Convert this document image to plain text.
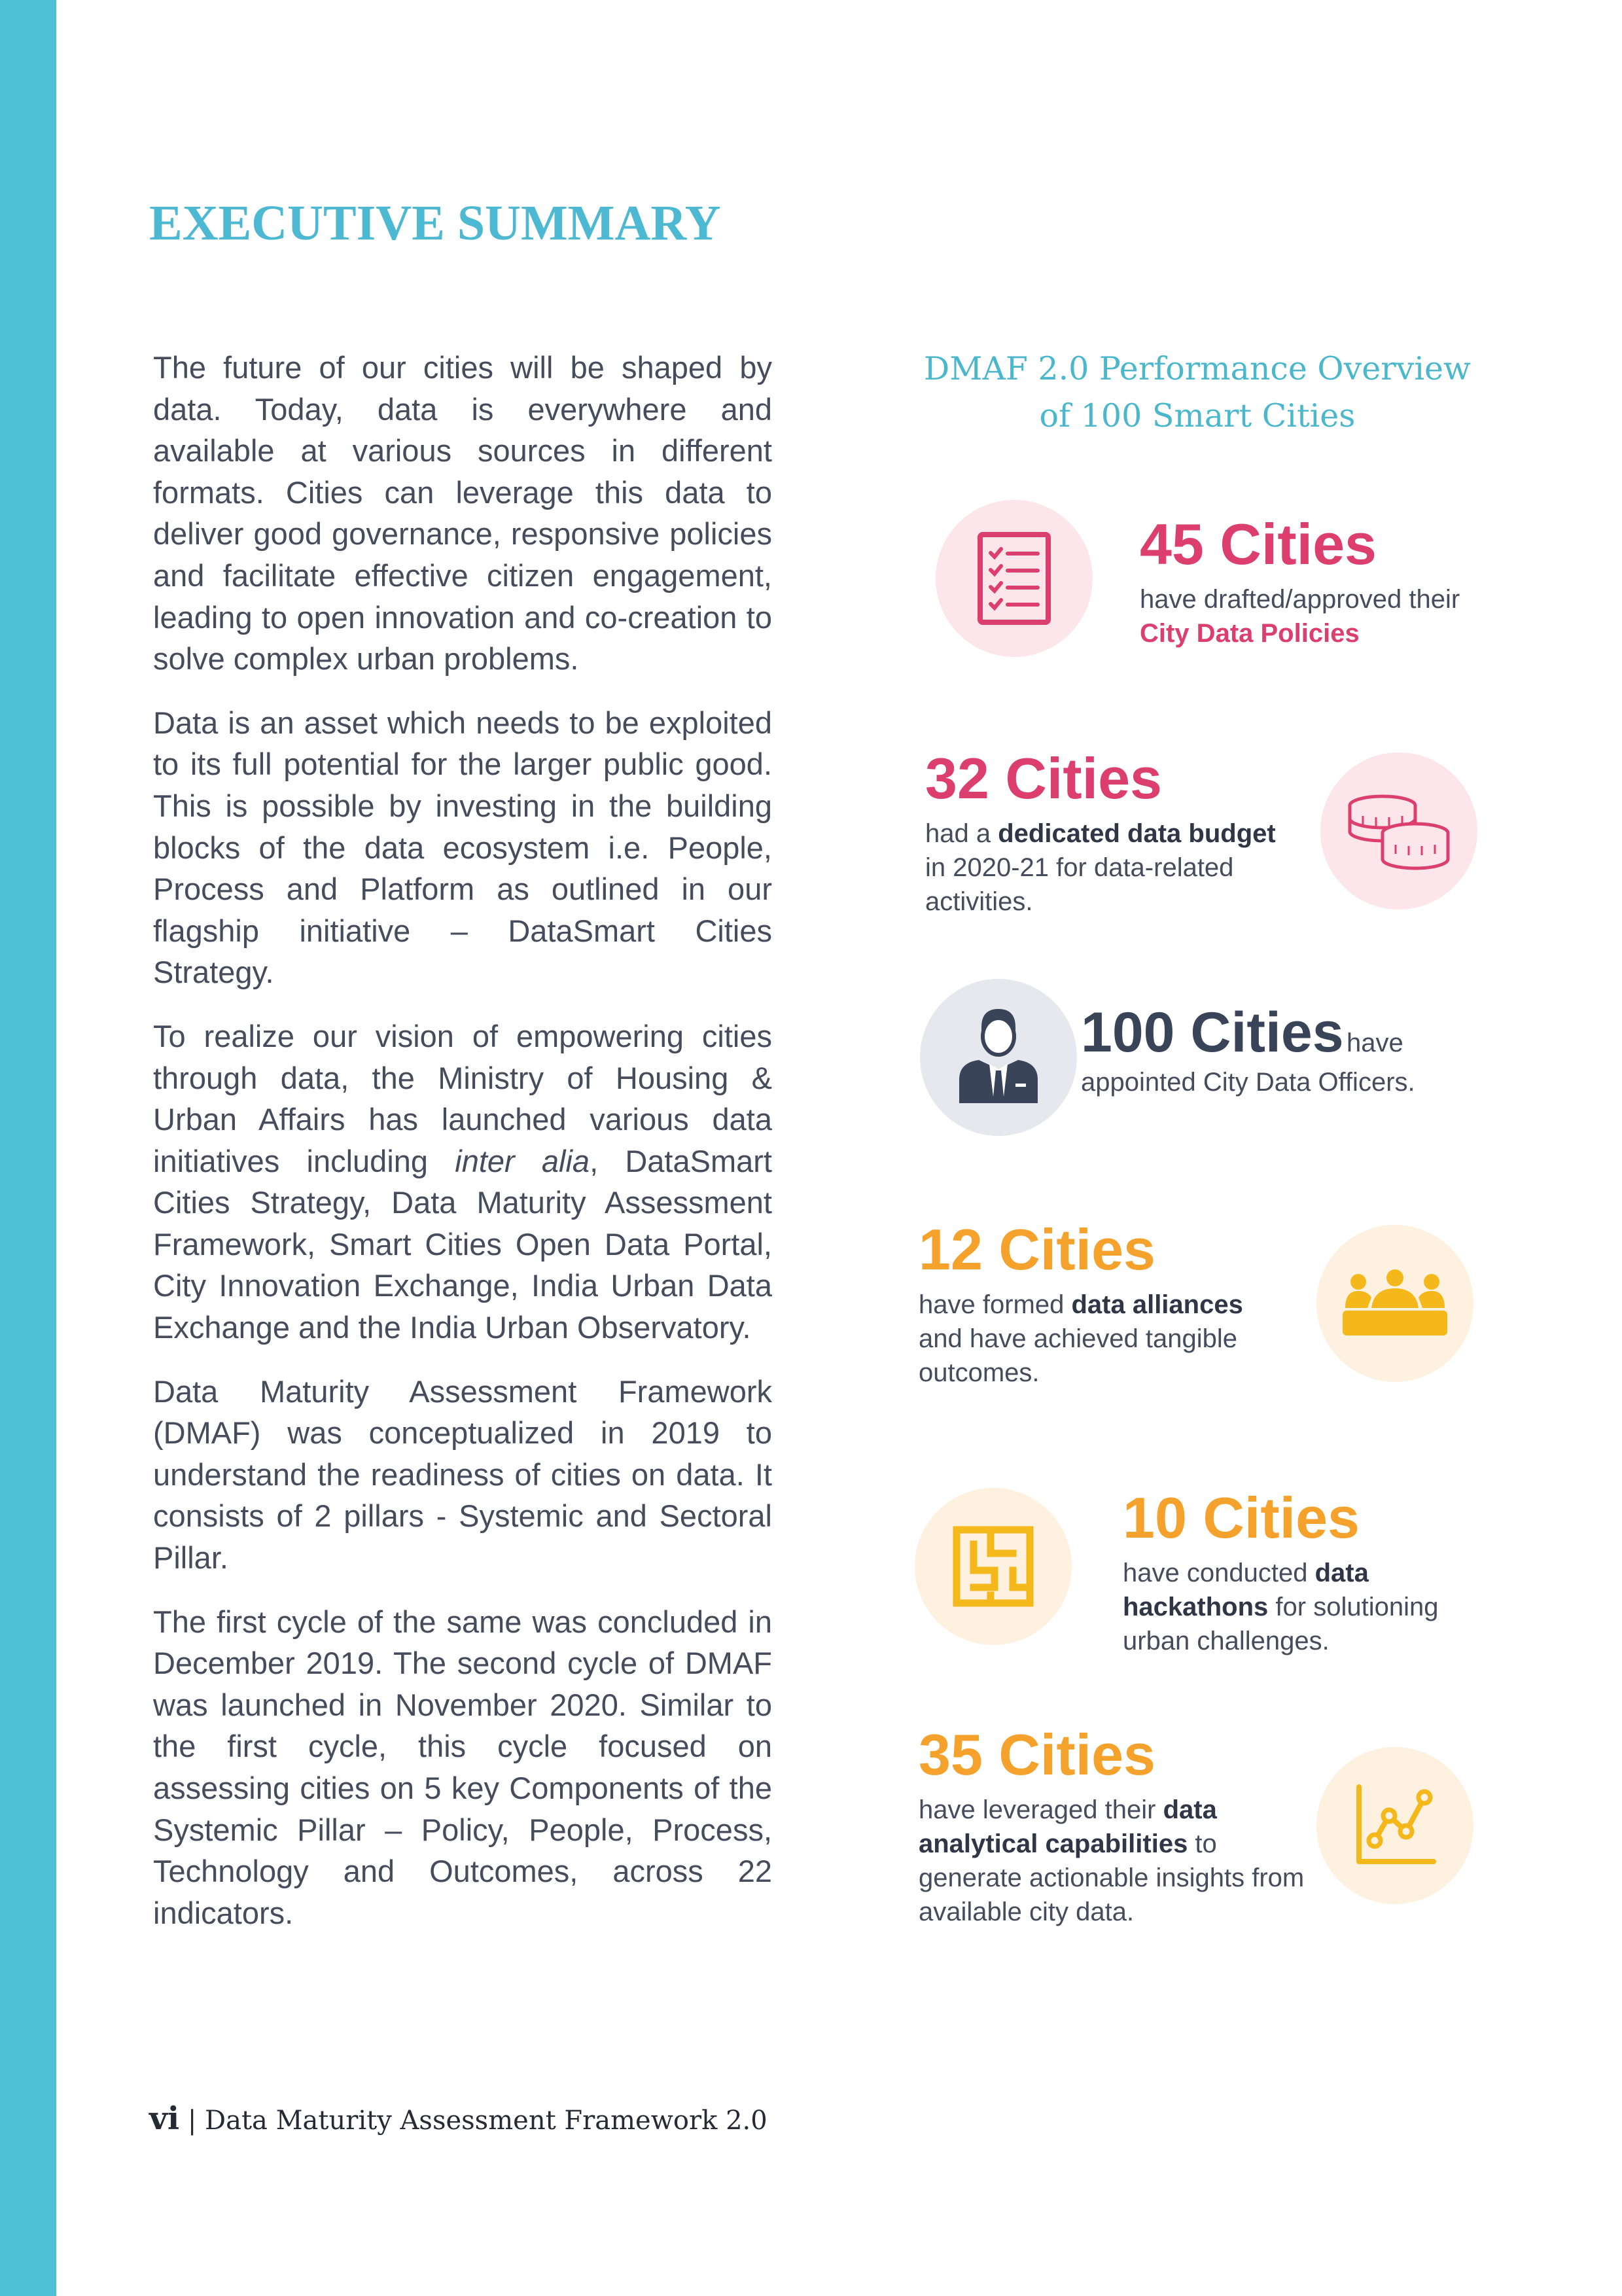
EXECUTIVE SUMMARY

The future of our cities will be shaped by data. Today, data is everywhere and available at various sources in different formats. Cities can leverage this data to deliver good governance, responsive policies and facilitate effective citizen engagement, leading to open innovation and co-creation to solve complex urban problems.

Data is an asset which needs to be exploited to its full potential for the larger public good. This is possible by investing in the building blocks of the data ecosystem i.e. People, Process and Platform as outlined in our flagship initiative – DataSmart Cities Strategy.

To realize our vision of empowering cities through data, the Ministry of Housing & Urban Affairs has launched various data initiatives including inter alia, DataSmart Cities Strategy, Data Maturity Assessment Framework, Smart Cities Open Data Portal, City Innovation Exchange, India Urban Data Exchange and the India Urban Observatory.

Data Maturity Assessment Framework (DMAF) was conceptualized in 2019 to understand the readiness of cities on data. It consists of 2 pillars - Systemic and Sectoral Pillar.

The first cycle of the same was concluded in December 2019. The second cycle of DMAF was launched in November 2020. Similar to the first cycle, this cycle focused on assessing cities on 5 key Components of the Systemic Pillar – Policy, People, Process, Technology and Outcomes, across 22 indicators.

DMAF 2.0 Performance Overview
of 100 Smart Cities
45 Cities
have drafted/approved their
City Data Policies
32 Cities
had a dedicated data budget
in 2020-21 for data-related activities.
100 Cities have
appointed City Data Officers.
12 Cities
have formed data alliances
and have achieved tangible outcomes.
10 Cities
have conducted data
hackathons for solutioning urban challenges.
35 Cities
have leveraged their data
analytical capabilities to generate actionable insights from available city data.
vi | Data Maturity Assessment Framework 2.0
